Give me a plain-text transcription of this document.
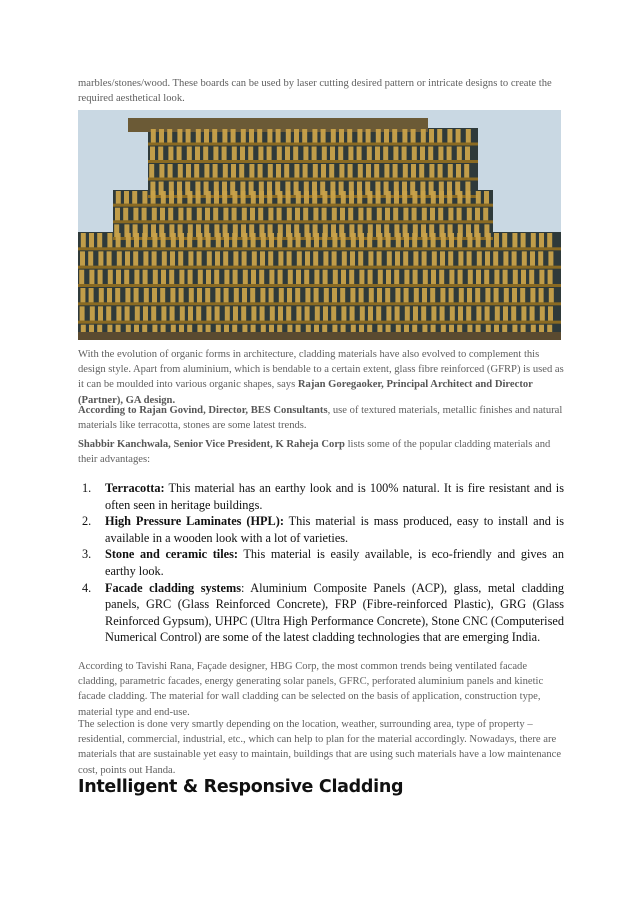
marbles/stones/wood. These boards can be used by laser cutting desired pattern or intricate designs to create the required aesthetical look.

With the evolution of organic forms in architecture, cladding materials have also evolved to complement this design style. Apart from aluminium, which is bendable to a certain extent, glass fibre reinforced (GFRP) is used as it can be moulded into various organic shapes, says Rajan Goregaoker, Principal Architect and Director (Partner), GA design.

According to Rajan Govind, Director, BES Consultants, use of textured materials, metallic finishes and natural materials like terracotta, stones are some latest trends.

Shabbir Kanchwala, Senior Vice President, K Raheja Corp lists some of the popular cladding materials and their advantages:

1. Terracotta: This material has an earthy look and is 100% natural. It is fire resistant and is often seen in heritage buildings.
2. High Pressure Laminates (HPL): This material is mass produced, easy to install and is available in a wooden look with a lot of varieties.
3. Stone and ceramic tiles: This material is easily available, is eco-friendly and gives an earthy look.
4. Facade cladding systems: Aluminium Composite Panels (ACP), glass, metal cladding panels, GRC (Glass Reinforced Concrete), FRP (Fibre-reinforced Plastic), GRG (Glass Reinforced Gypsum), UHPC (Ultra High Performance Concrete), Stone CNC (Computerised Numerical Control) are some of the latest cladding technologies that are emerging India.

According to Tavishi Rana, Façade designer, HBG Corp, the most common trends being ventilated facade cladding, parametric facades, energy generating solar panels, GFRC, perforated aluminium panels and kinetic facade cladding. The material for wall cladding can be selected on the basis of application, construction type, material type and end-use.

The selection is done very smartly depending on the location, weather, surrounding area, type of property – residential, commercial, industrial, etc., which can help to plan for the material accordingly. Nowadays, there are materials that are sustainable yet easy to maintain, buildings that are using such materials have a low maintenance cost, points out Handa.

Intelligent & Responsive Cladding
